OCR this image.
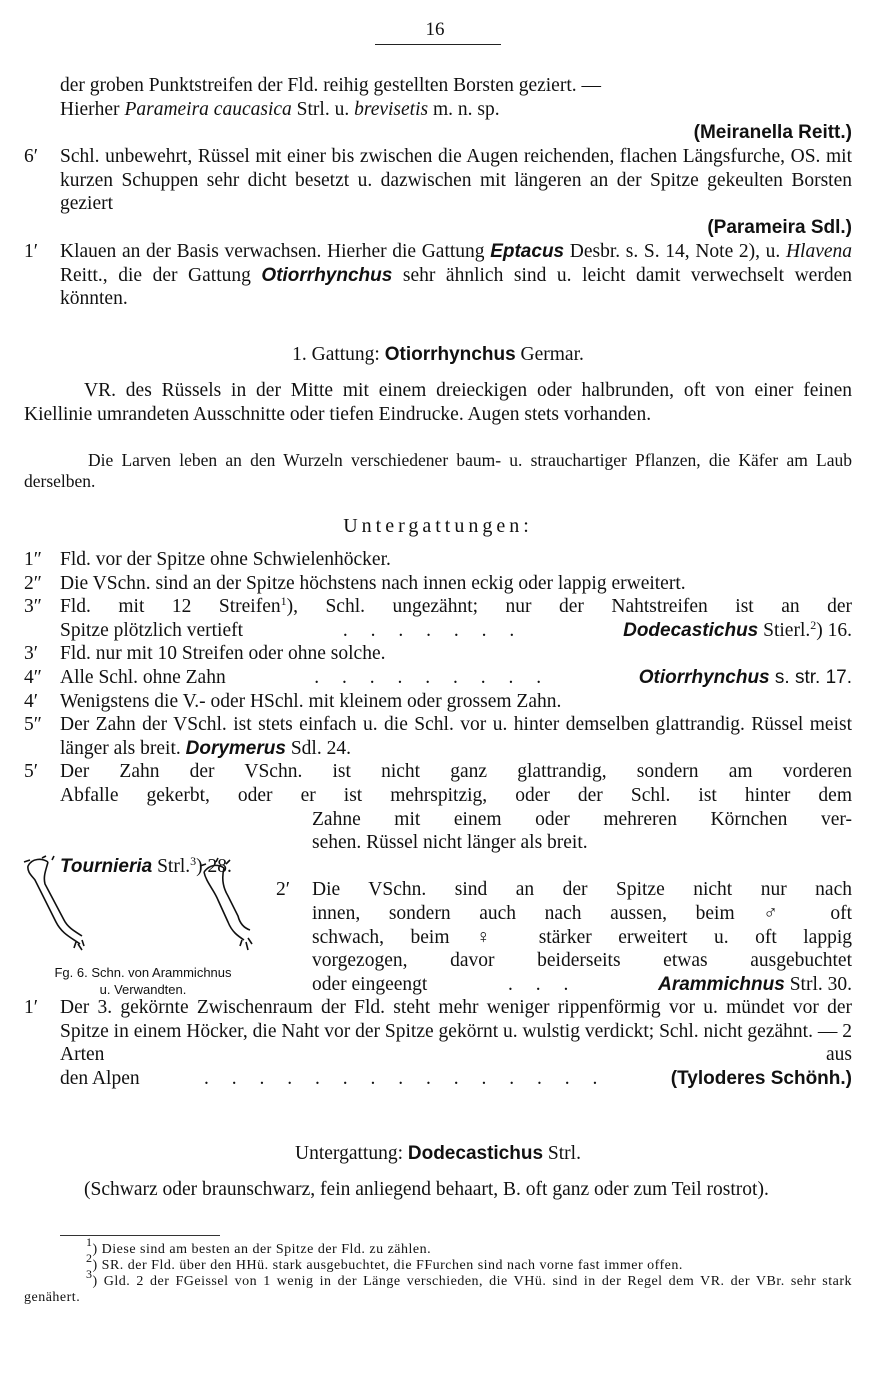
16
der groben Punktstreifen der Fld. reihig gestellten Borsten geziert. —
Hierher Parameira caucasica Strl. u. brevisetis m. n. sp.
(Meiranella Reitt.)
6′	Schl. unbewehrt, Rüssel mit einer bis zwischen die Augen reichenden, flachen Längsfurche, OS. mit kurzen Schuppen sehr dicht besetzt u. dazwischen mit längeren an der Spitze gekeulten Borsten geziert
(Parameira Sdl.)
1′	Klauen an der Basis verwachsen. Hierher die Gattung Eptacus Desbr. s. S. 14, Note 2), u. Hlavena Reitt., die der Gattung Otiorrhynchus sehr ähnlich sind u. leicht damit verwechselt werden könnten.
1. Gattung: Otiorrhynchus Germar.
VR. des Rüssels in der Mitte mit einem dreieckigen oder halbrunden, oft von einer feinen Kiellinie umrandeten Ausschnitte oder tiefen Eindrucke. Augen stets vorhanden.
Die Larven leben an den Wurzeln verschiedener baum- u. strauchartiger Pflanzen, die Käfer am Laub derselben.
Untergattungen:
1″ Fld. vor der Spitze ohne Schwielenhöcker.
2″ Die VSchn. sind an der Spitze höchstens nach innen eckig oder lappig erweitert.
3″ Fld. mit 12 Streifen$^1$), Schl. ungezähnt; nur der Nahtstreifen ist an der
Spitze plötzlich vertieft	. . . . . . .	Dodecastichus Stierl.$^2$) 16.
3′	Fld. nur mit 10 Streifen oder ohne solche.
4″ Alle Schl. ohne Zahn	. . . . . . . . .	Otiorrhynchus s. str. 17.
4′	Wenigstens die V.- oder HSchl. mit kleinem oder grossem Zahn.
5″ Der Zahn der VSchl. ist stets einfach u. die Schl. vor u. hinter demselben glattrandig. Rüssel meist länger als breit. Dorymerus Sdl. 24.
5′	Der Zahn der VSchn. ist nicht ganz glattrandig, sondern am vorderen
Abfalle gekerbt, oder er ist mehrspitzig, oder der Schl. ist hinter dem
Zahne mit einem oder mehreren Körnchen ver-
sehen. Rüssel nicht länger als breit.
Tournieria Strl.$^3$) 28.
2′	Die VSchn. sind an der Spitze nicht nur nach
innen, sondern auch nach aussen, beim ♂ oft
schwach, beim ♀ stärker erweitert u. oft lappig
vorgezogen, davor beiderseits etwas ausgebuchtet
oder eingeengt	. . .	Arammichnus Strl. 30.
1′	Der 3. gekörnte Zwischenraum der Fld. steht mehr weniger rippenförmig vor u. mündet vor der Spitze in einem Höcker, die Naht vor der Spitze gekörnt u. wulstig verdickt; Schl. nicht gezähnt. — 2 Arten aus
den Alpen	. . . . . . . . . . . . . . .	(Tyloderes Schönh.)
Fg. 6. Schn. von Arammichnus
u. Verwandten.
Untergattung: Dodecastichus Strl.
(Schwarz oder braunschwarz, fein anliegend behaart, B. oft ganz oder zum Teil rostrot).
$^1$) Diese sind am besten an der Spitze der Fld. zu zählen.
$^2$) SR. der Fld. über den HHü. stark ausgebuchtet, die FFurchen sind nach vorne fast immer offen.
$^3$) Gld. 2 der FGeissel von 1 wenig in der Länge verschieden, die VHü. sind in der Regel dem VR. der VBr. sehr stark genähert.
